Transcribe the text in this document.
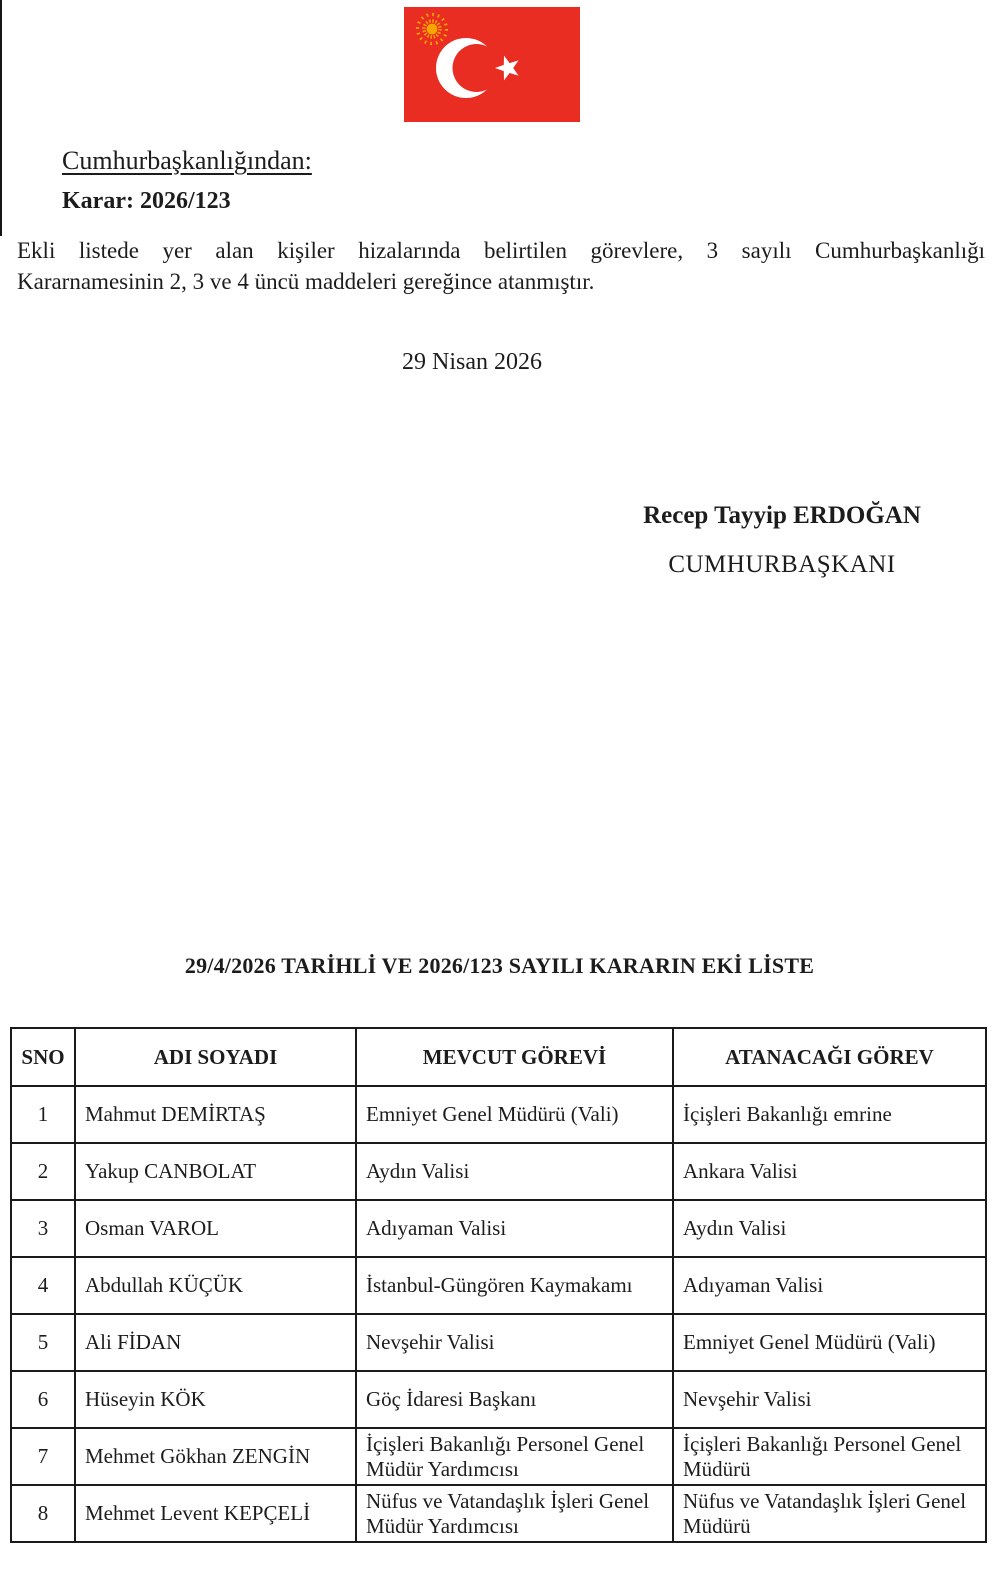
Cumhurbaşkanlığından:
Karar: 2026/123
Ekli listede yer alan kişiler hizalarında belirtilen görevlere, 3 sayılı Cumhurbaşkanlığı
Kararnamesinin 2, 3 ve 4 üncü maddeleri gereğince atanmıştır.
29 Nisan 2026
Recep Tayyip ERDOĞAN
CUMHURBAŞKANI
29/4/2026 TARİHLİ VE 2026/123 SAYILI KARARIN EKİ LİSTE
SNO	ADI SOYADI	MEVCUT GÖREVİ	ATANACAĞI GÖREV
1	Mahmut DEMİRTAŞ	Emniyet Genel Müdürü (Vali)	İçişleri Bakanlığı emrine
2	Yakup CANBOLAT	Aydın Valisi	Ankara Valisi
3	Osman VAROL	Adıyaman Valisi	Aydın Valisi
4	Abdullah KÜÇÜK	İstanbul-Güngören Kaymakamı	Adıyaman Valisi
5	Ali FİDAN	Nevşehir Valisi	Emniyet Genel Müdürü (Vali)
6	Hüseyin KÖK	Göç İdaresi Başkanı	Nevşehir Valisi
7	Mehmet Gökhan ZENGİN	İçişleri Bakanlığı Personel Genel Müdür Yardımcısı	İçişleri Bakanlığı Personel Genel Müdürü
8	Mehmet Levent KEPÇELİ	Nüfus ve Vatandaşlık İşleri Genel Müdür Yardımcısı	Nüfus ve Vatandaşlık İşleri Genel Müdürü
